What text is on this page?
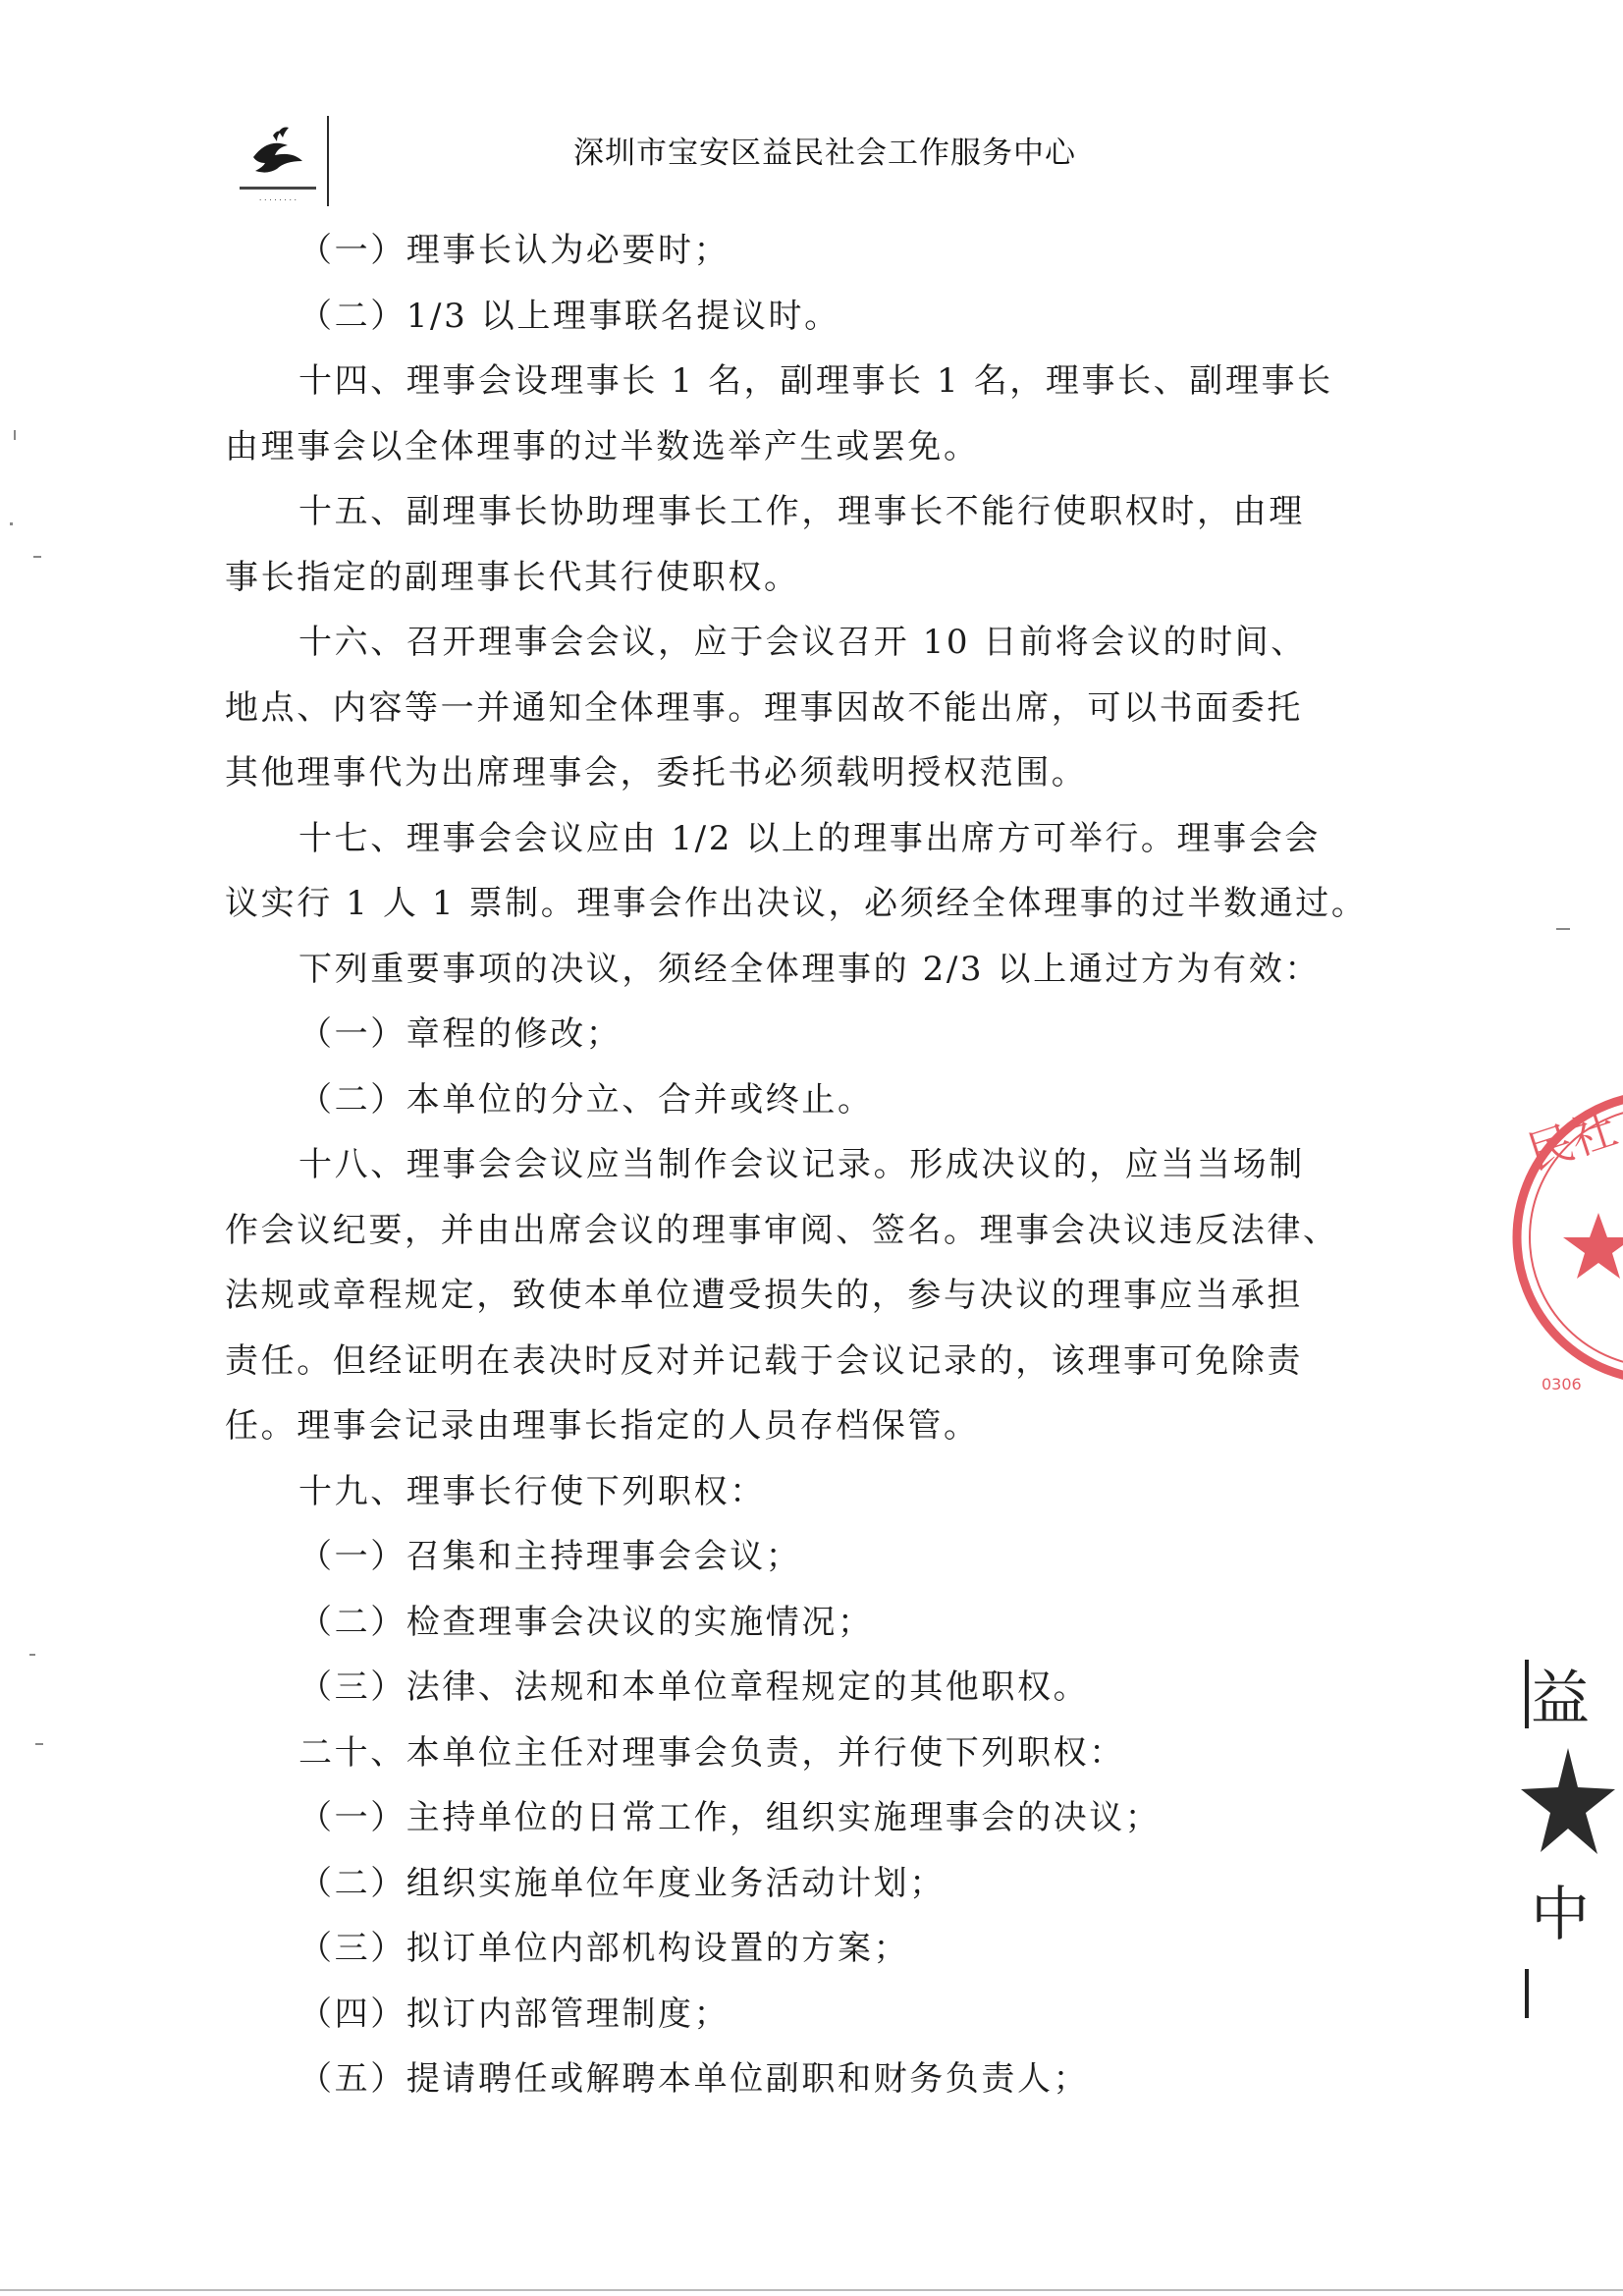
. . . . . . . .
深圳市宝安区益民社会工作服务中心
（一）理事长认为必要时；
（二）1/3 以上理事联名提议时。
十四、理事会设理事长 1 名，副理事长 1 名，理事长、副理事长
由理事会以全体理事的过半数选举产生或罢免。
十五、副理事长协助理事长工作，理事长不能行使职权时，由理
事长指定的副理事长代其行使职权。
十六、召开理事会会议，应于会议召开 10 日前将会议的时间、
地点、内容等一并通知全体理事。理事因故不能出席，可以书面委托
其他理事代为出席理事会，委托书必须载明授权范围。
十七、理事会会议应由 1/2 以上的理事出席方可举行。理事会会
议实行 1 人 1 票制。理事会作出决议，必须经全体理事的过半数通过。
下列重要事项的决议，须经全体理事的 2/3 以上通过方为有效：
（一）章程的修改；
（二）本单位的分立、合并或终止。
十八、理事会会议应当制作会议记录。形成决议的，应当当场制
作会议纪要，并由出席会议的理事审阅、签名。理事会决议违反法律、
法规或章程规定，致使本单位遭受损失的，参与决议的理事应当承担
责任。但经证明在表决时反对并记载于会议记录的，该理事可免除责
任。理事会记录由理事长指定的人员存档保管。
十九、理事长行使下列职权：
（一）召集和主持理事会会议；
（二）检查理事会决议的实施情况；
（三）法律、法规和本单位章程规定的其他职权。
二十、本单位主任对理事会负责，并行使下列职权：
（一）主持单位的日常工作，组织实施理事会的决议；
（二）组织实施单位年度业务活动计划；
（三）拟订单位内部机构设置的方案；
（四）拟订内部管理制度；
（五）提请聘任或解聘本单位副职和财务负责人；
民社
0306
益
中
